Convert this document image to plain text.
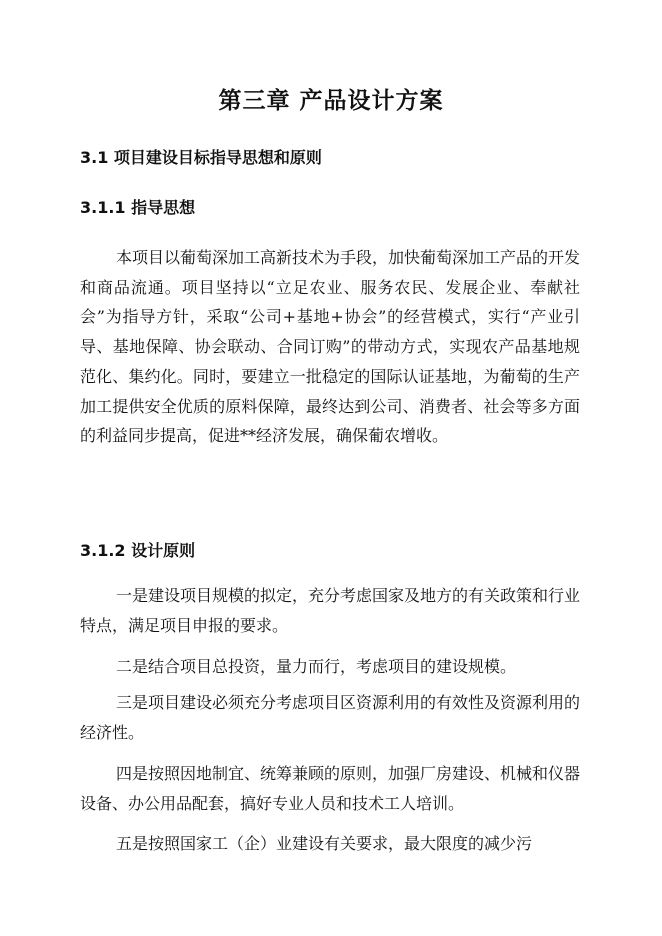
第三章 产品设计方案
3.1 项目建设目标指导思想和原则
3.1.1 指导思想

本项目以葡萄深加工高新技术为手段，加快葡萄深加工产品的开发和商品流通。项目坚持以“立足农业、服务农民、发展企业、奉献社会”为指导方针，采取“公司+基地+协会”的经营模式，实行“产业引导、基地保障、协会联动、合同订购”的带动方式，实现农产品基地规范化、集约化。同时，要建立一批稳定的国际认证基地，为葡萄的生产加工提供安全优质的原料保障，最终达到公司、消费者、社会等多方面的利益同步提高，促进**经济发展，确保葡农增收。

3.1.2 设计原则

一是建设项目规模的拟定，充分考虑国家及地方的有关政策和行业特点，满足项目申报的要求。

二是结合项目总投资，量力而行，考虑项目的建设规模。

三是项目建设必须充分考虑项目区资源利用的有效性及资源利用的经济性。

四是按照因地制宜、统筹兼顾的原则，加强厂房建设、机械和仪器设备、办公用品配套，搞好专业人员和技术工人培训。

五是按照国家工（企）业建设有关要求，最大限度的减少污
